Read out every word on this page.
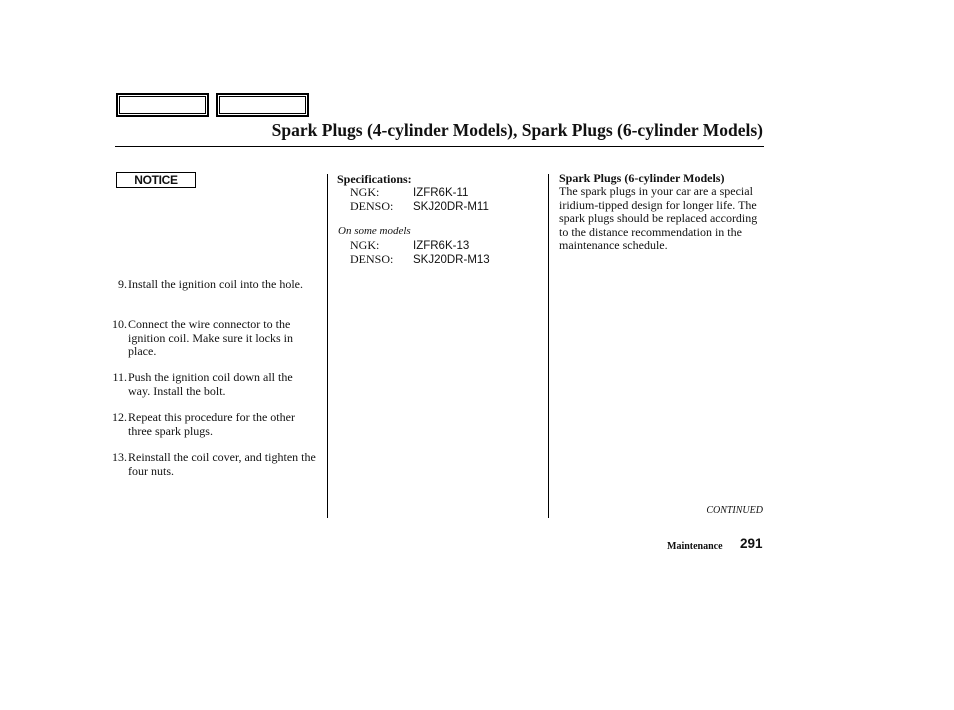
Spark Plugs (4-cylinder Models), Spark Plugs (6-cylinder Models)
NOTICE
9. Install the ignition coil into the hole.
10. Connect the wire connector to the ignition coil. Make sure it locks in place.
11. Push the ignition coil down all the way. Install the bolt.
12. Repeat this procedure for the other three spark plugs.
13. Reinstall the coil cover, and tighten the four nuts.
Specifications:
NGK:	IZFR6K-11
DENSO: SKJ20DR-M11
On some models
NGK:	IZFR6K-13
DENSO: SKJ20DR-M13
Spark Plugs (6-cylinder Models)
The spark plugs in your car are a special iridium-tipped design for longer life. The spark plugs should be replaced according to the distance recommendation in the maintenance schedule.
CONTINUED
Maintenance 291
